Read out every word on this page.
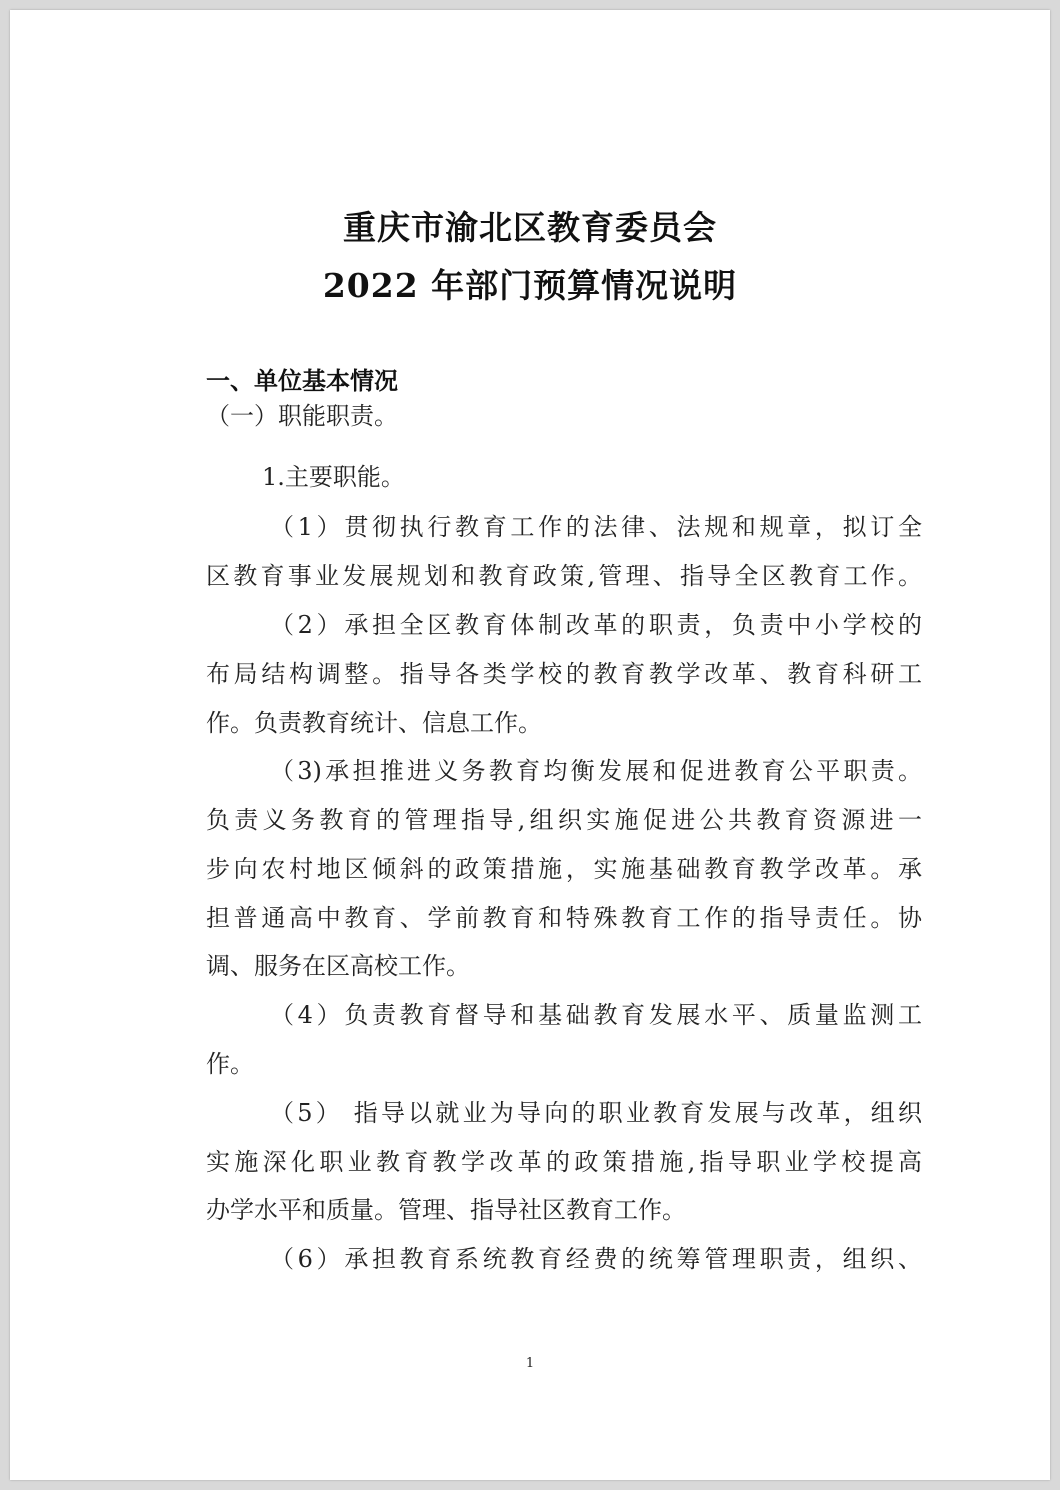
重庆市渝北区教育委员会
2022 年部门预算情况说明
一、单位基本情况
（一）职能职责。
1.主要职能。
（1）贯彻执行教育工作的法律、法规和规章，拟订全
区教育事业发展规划和教育政策,管理、指导全区教育工作。
（2）承担全区教育体制改革的职责，负责中小学校的
布局结构调整。指导各类学校的教育教学改革、教育科研工
作。负责教育统计、信息工作。
（3)承担推进义务教育均衡发展和促进教育公平职责。
负责义务教育的管理指导,组织实施促进公共教育资源进一
步向农村地区倾斜的政策措施，实施基础教育教学改革。承
担普通高中教育、学前教育和特殊教育工作的指导责任。协
调、服务在区高校工作。
（4）负责教育督导和基础教育发展水平、质量监测工
作。
（5） 指导以就业为导向的职业教育发展与改革，组织
实施深化职业教育教学改革的政策措施,指导职业学校提高
办学水平和质量。管理、指导社区教育工作。
（6）承担教育系统教育经费的统筹管理职责，组织、
1
